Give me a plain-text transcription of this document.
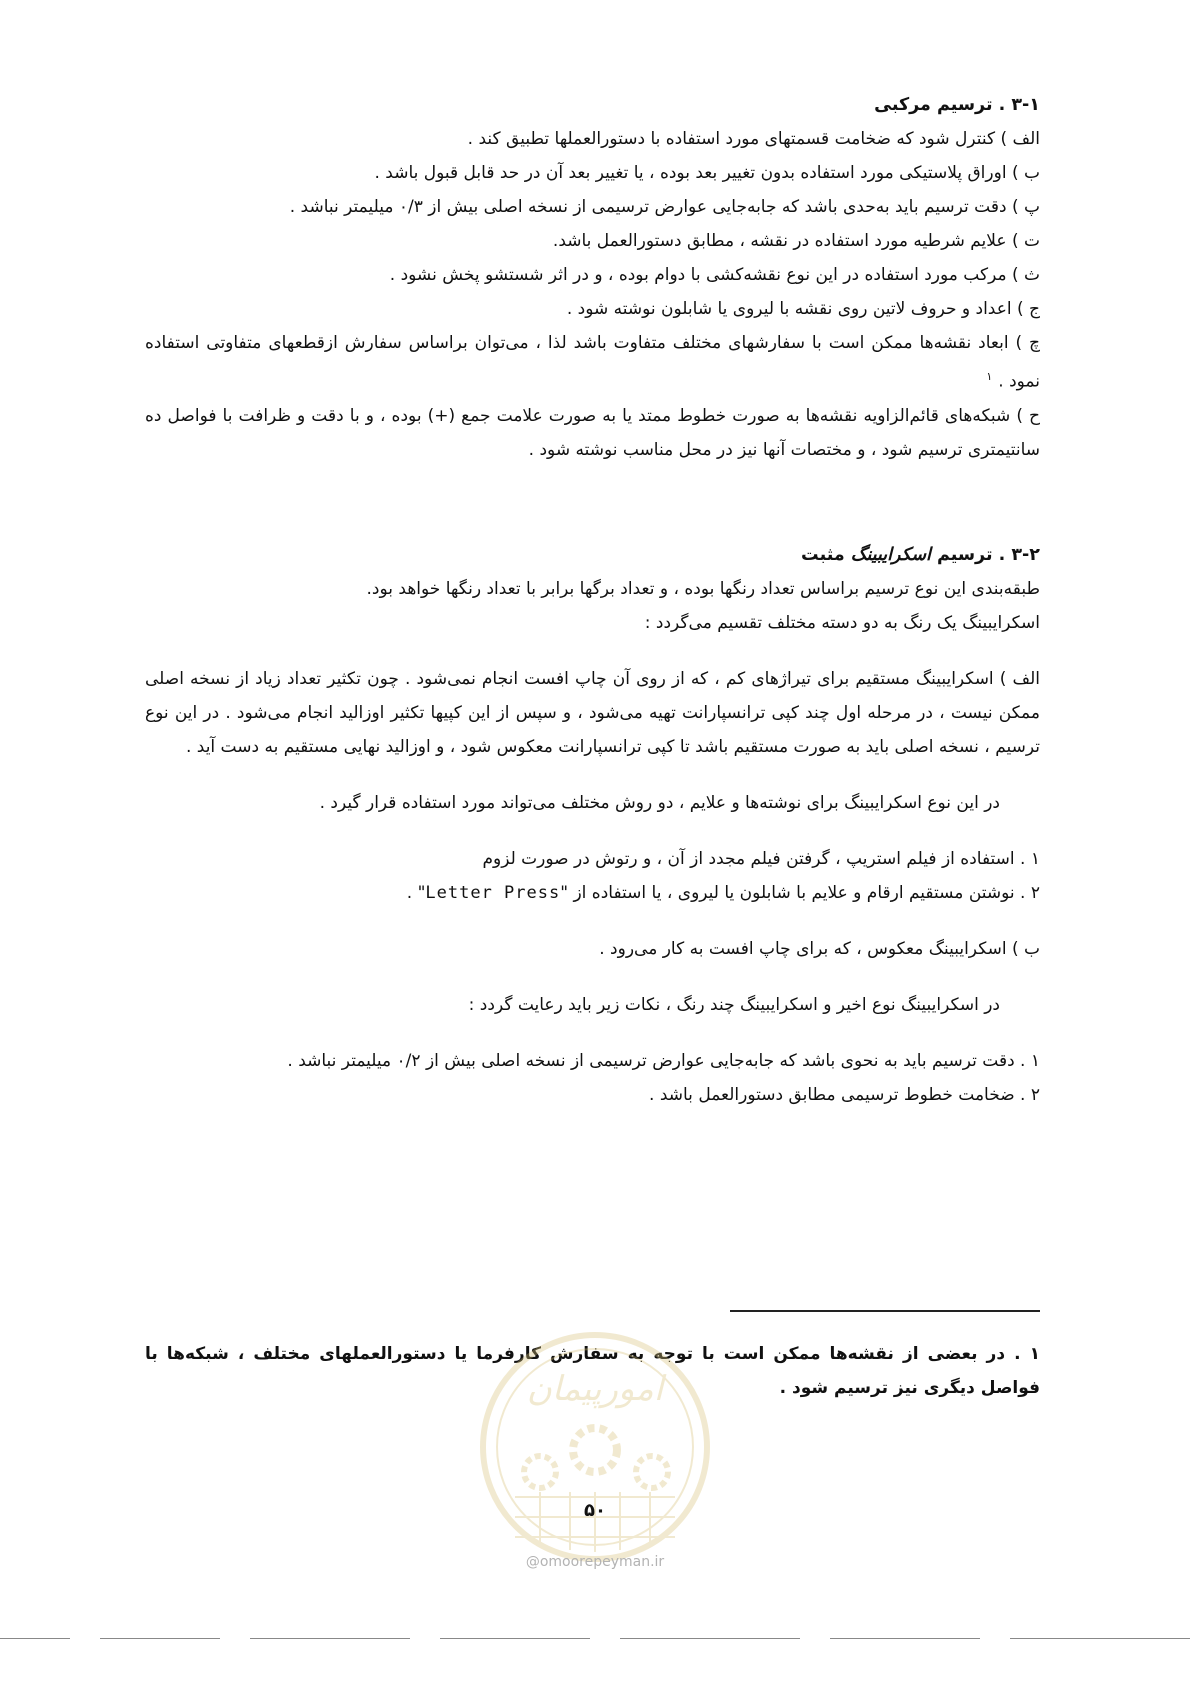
۳-۱ . ترسیم مرکبی

الف ) کنترل شود که ضخامت قسمتهای مورد استفاده با دستورالعملها تطبیق کند .

ب ) اوراق پلاستیکی مورد استفاده بدون تغییر بعد بوده ، یا تغییر بعد آن در حد قابل قبول باشد .

پ ) دقت ترسیم باید به‌حدی باشد که جابه‌جایی عوارض ترسیمی از نسخه اصلی بیش از ۰/۳ میلیمتر نباشد .

ت ) علایم شرطیه مورد استفاده در نقشه ، مطابق دستورالعمل باشد.

ث ) مرکب مورد استفاده در این نوع نقشه‌کشی با دوام بوده ، و در اثر شستشو پخش نشود .

ج ) اعداد و حروف لاتین روی نقشه با لیروی یا شابلون نوشته شود .

چ ) ابعاد نقشه‌ها ممکن است با سفارشهای مختلف متفاوت باشد لذا ، می‌توان براساس سفارش ازقطعهای متفاوتی استفاده نمود .$^۱$

ح ) شبکه‌های قائم‌الزاویه نقشه‌ها به صورت خطوط ممتد یا به صورت علامت جمع (+) بوده ، و با دقت و ظرافت با فواصل ده سانتیمتری ترسیم شود ، و مختصات آنها نیز در محل مناسب نوشته شود .

۳-۲ . ترسیم اسکرایبینگ مثبت

طبقه‌بندی این نوع ترسیم براساس تعداد رنگها بوده ، و تعداد برگها برابر با تعداد رنگها خواهد بود.

اسکرایبینگ یک رنگ به دو دسته مختلف تقسیم می‌گردد :

الف ) اسکرایبینگ مستقیم برای تیراژهای کم ، که از روی آن چاپ افست انجام نمی‌شود . چون تکثیر تعداد زیاد از نسخه اصلی ممکن نیست ، در مرحله اول چند کپی ترانسپارانت تهیه می‌شود ، و سپس از این کپیها تکثیر اوزالید انجام می‌شود . در این نوع ترسیم ، نسخه اصلی باید به صورت مستقیم باشد تا کپی ترانسپارانت معکوس شود ، و اوزالید نهایی مستقیم به دست آید .

در این نوع اسکرایبینگ برای نوشته‌ها و علایم ، دو روش مختلف می‌تواند مورد استفاده قرار گیرد .

۱ . استفاده از فیلم استریپ ، گرفتن فیلم مجدد از آن ، و رتوش در صورت لزوم

۲ . نوشتن مستقیم ارقام و علایم با شابلون یا لیروی ، یا استفاده از "Letter Press" .

ب ) اسکرایبینگ معکوس ، که برای چاپ افست به کار می‌رود .

در اسکرایبینگ نوع اخیر و اسکرایبینگ چند رنگ ، نکات زیر باید رعایت گردد :

۱ . دقت ترسیم باید به نحوی باشد که جابه‌جایی عوارض ترسیمی از نسخه اصلی بیش از ۰/۲ میلیمتر نباشد .

۲ . ضخامت خطوط ترسیمی مطابق دستورالعمل باشد .

۱ . در بعضی از نقشه‌ها ممکن است با توجه به سفارش کارفرما یا دستورالعملهای مختلف ، شبکه‌ها با فواصل دیگری نیز ترسیم شود .

امورپیمان
۵۰
@omoorepeyman.ir
